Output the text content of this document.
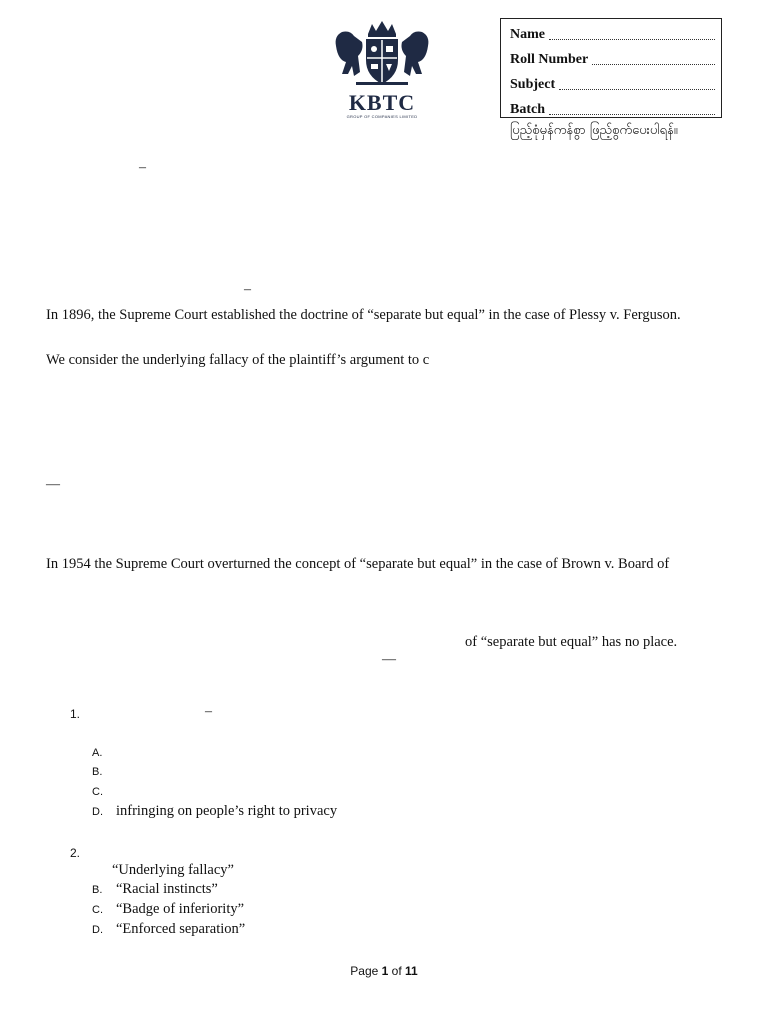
KBTC
GROUP OF COMPANIES LIMITED
Name
Roll Number
Subject
Batch
ပြည့်စုံမှန်ကန်စွာ ဖြည့်စွက်ပေးပါရန်။
–
–
—
—
In 1896, the Supreme Court established the doctrine of “separate but equal” in the case of Plessy v. Ferguson.
We consider the underlying fallacy of the plaintiff’s argument to c
In 1954 the Supreme Court overturned the concept of “separate but equal” in the case of Brown v. Board of
of “separate but equal” has no place.
1.	–
A.
B.
C.
D. infringing on people’s right to privacy
2.
“Underlying fallacy”
B. “Racial instincts”
C. “Badge of inferiority”
D. “Enforced separation”
Page 1 of 11
